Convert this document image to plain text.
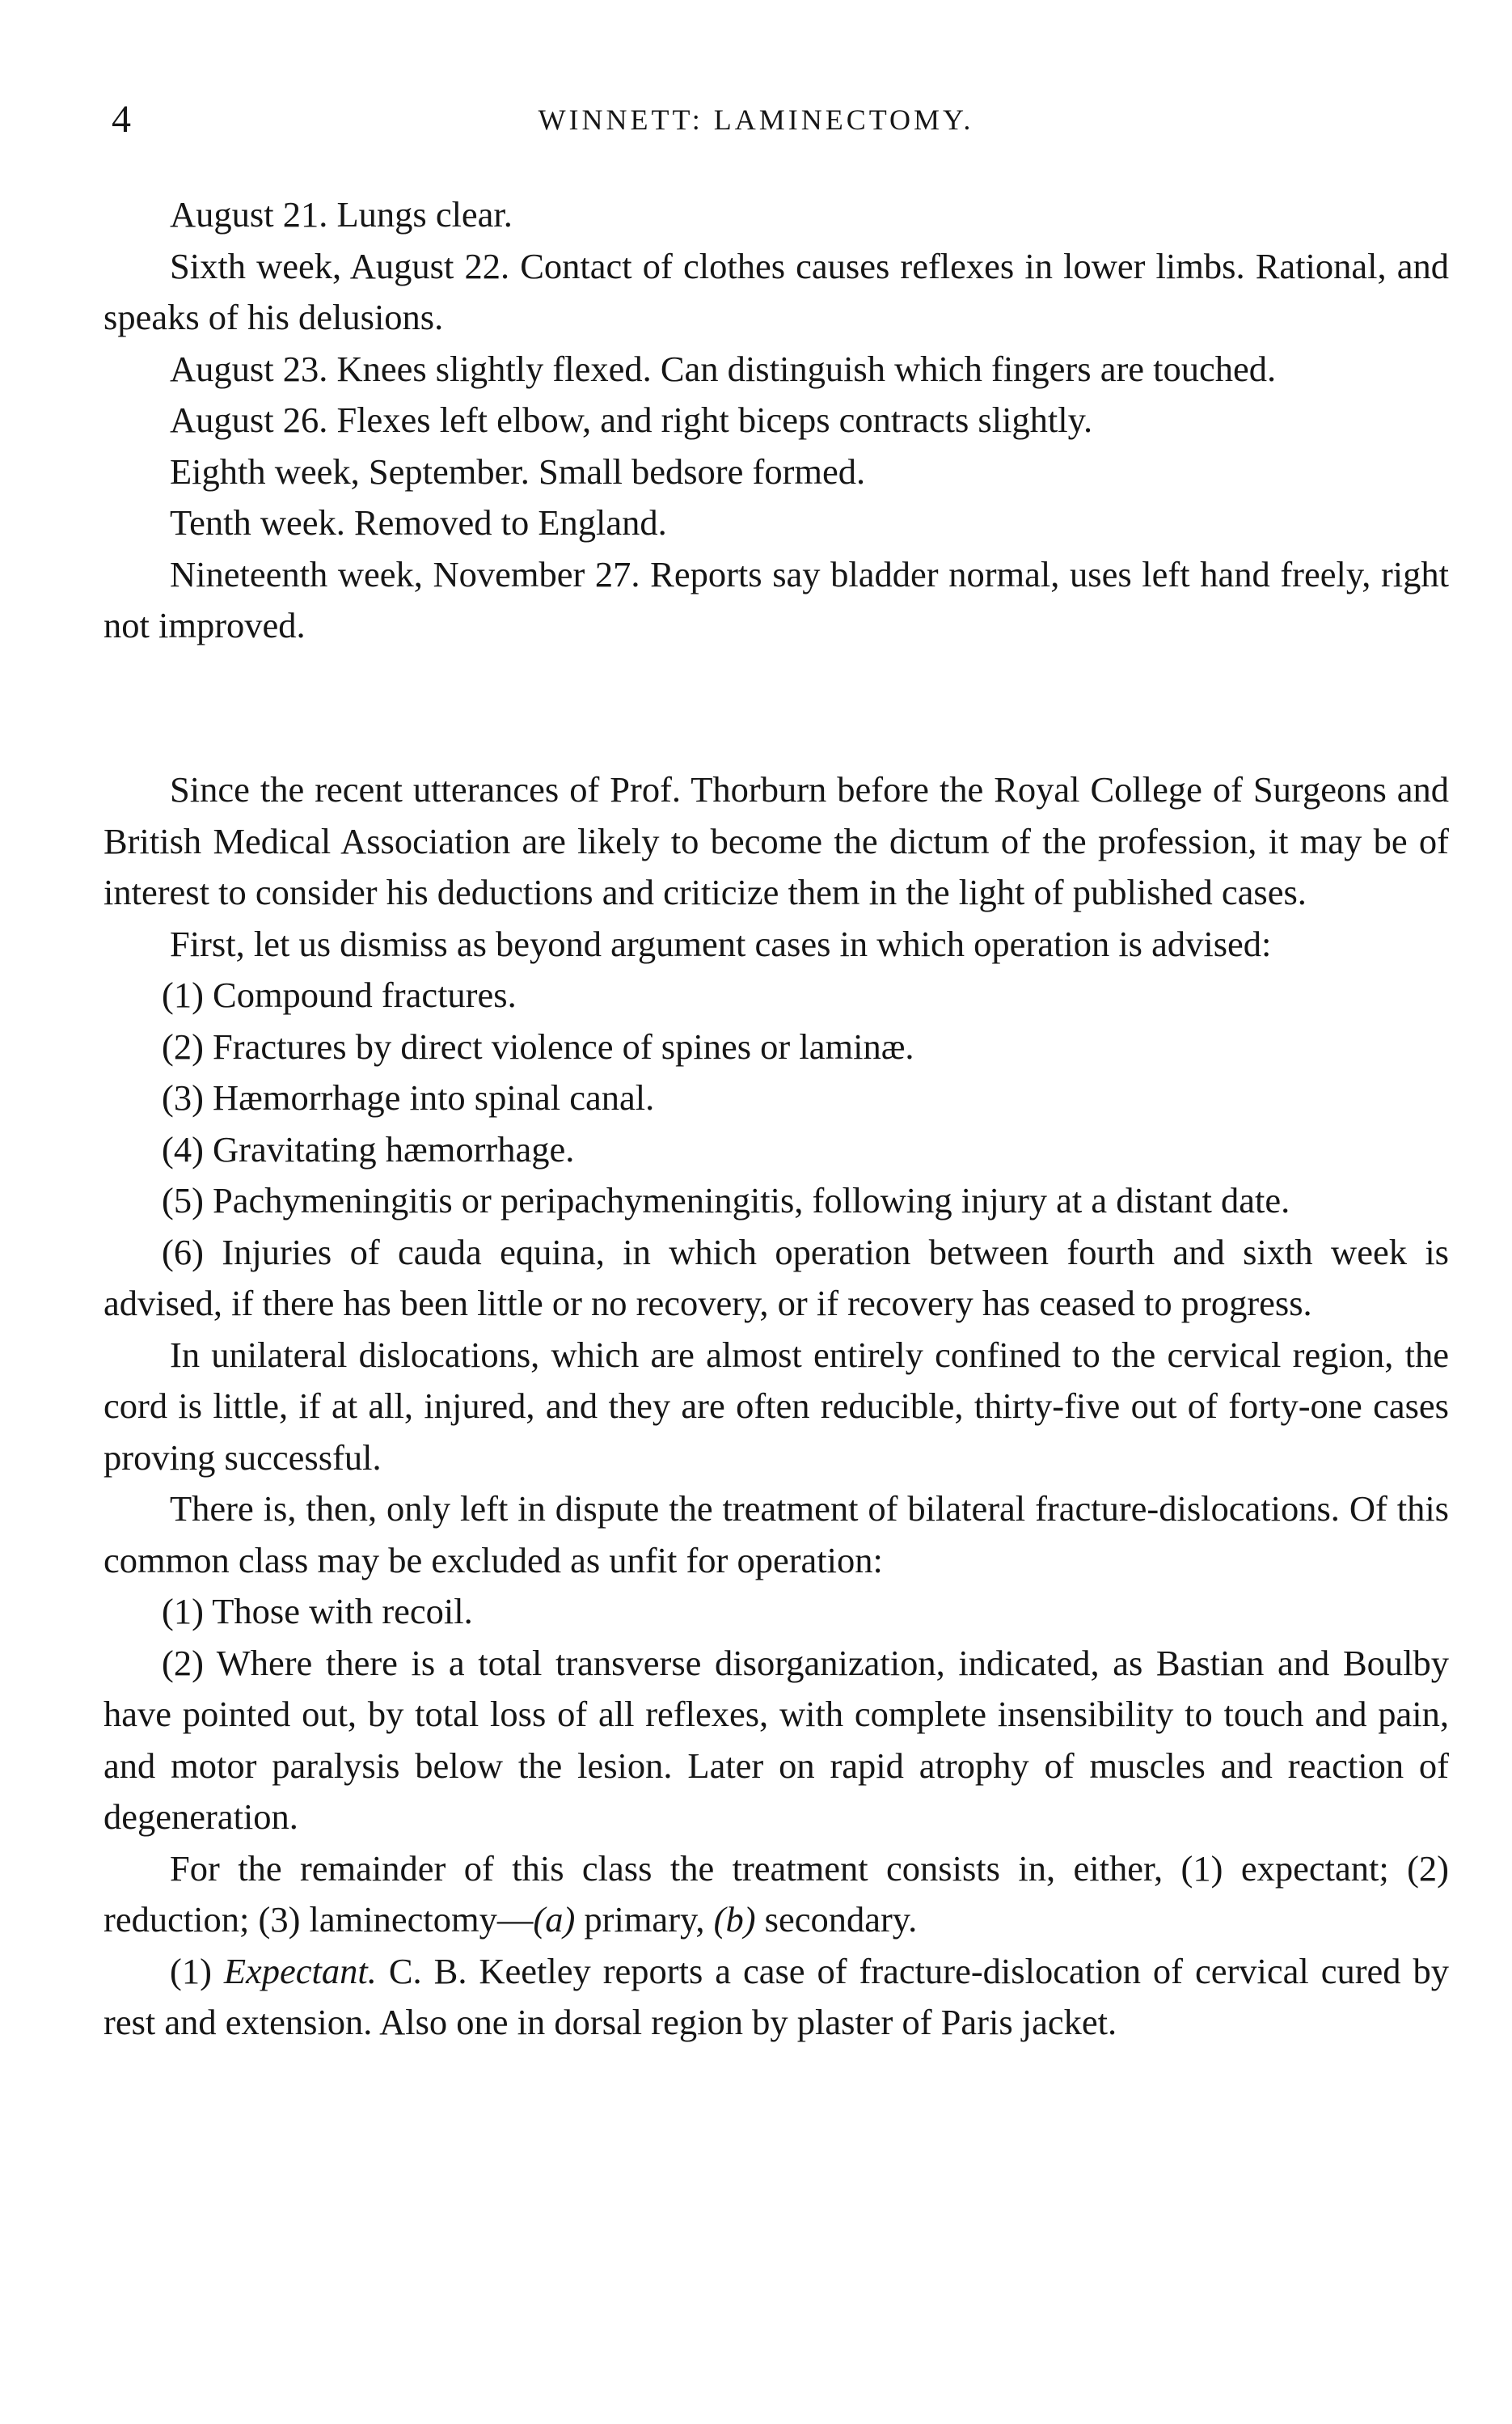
4	WINNETT: LAMINECTOMY.

August 21. Lungs clear.

Sixth week, August 22. Contact of clothes causes reflexes in lower limbs. Rational, and speaks of his delusions.

August 23. Knees slightly flexed. Can distinguish which fingers are touched.

August 26. Flexes left elbow, and right biceps contracts slightly.

Eighth week, September. Small bedsore formed.

Tenth week. Removed to England.

Nineteenth week, November 27. Reports say bladder normal, uses left hand freely, right not improved.

Since the recent utterances of Prof. Thorburn before the Royal College of Surgeons and British Medical Association are likely to become the dictum of the profession, it may be of interest to consider his deductions and criticize them in the light of published cases.

First, let us dismiss as beyond argument cases in which operation is advised:

(1) Compound fractures.

(2) Fractures by direct violence of spines or laminæ.

(3) Hæmorrhage into spinal canal.

(4) Gravitating hæmorrhage.

(5) Pachymeningitis or peripachymeningitis, following injury at a distant date.

(6) Injuries of cauda equina, in which operation between fourth and sixth week is advised, if there has been little or no recovery, or if recovery has ceased to progress.

In unilateral dislocations, which are almost entirely confined to the cervical region, the cord is little, if at all, injured, and they are often reducible, thirty-five out of forty-one cases proving successful.

There is, then, only left in dispute the treatment of bilateral fracture-dislocations. Of this common class may be excluded as unfit for operation:

(1) Those with recoil.

(2) Where there is a total transverse disorganization, indicated, as Bastian and Boulby have pointed out, by total loss of all reflexes, with complete insensibility to touch and pain, and motor paralysis below the lesion. Later on rapid atrophy of muscles and reaction of degeneration.

For the remainder of this class the treatment consists in, either, (1) expectant; (2) reduction; (3) laminectomy—(a) primary, (b) secondary.

(1) Expectant. C. B. Keetley reports a case of fracture-dislocation of cervical cured by rest and extension. Also one in dorsal region by plaster of Paris jacket.
